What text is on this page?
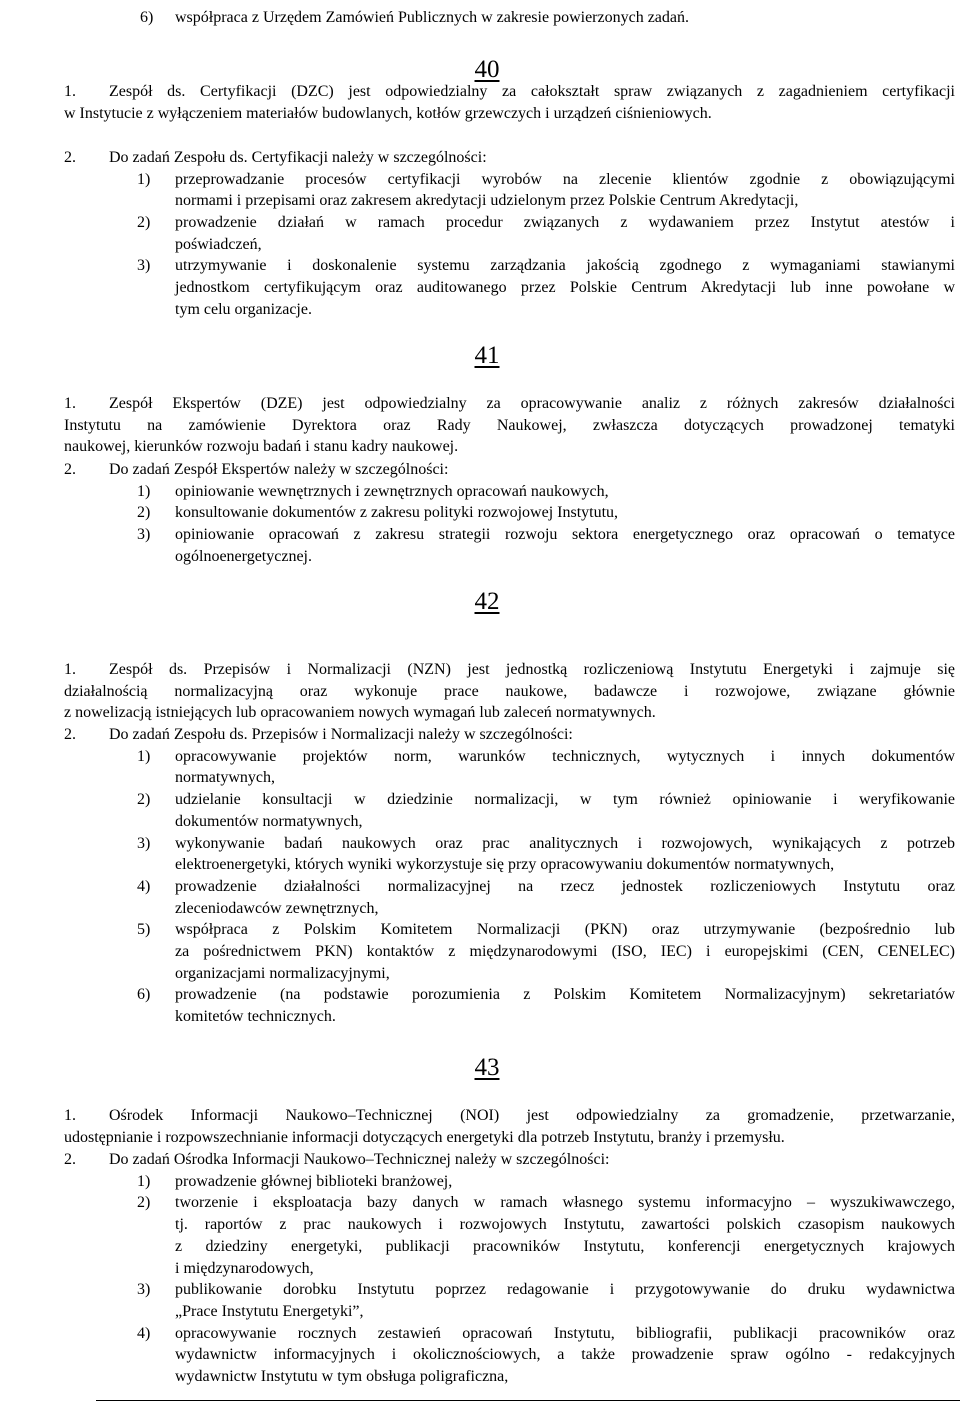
6) współpraca z Urzędem Zamówień Publicznych w zakresie powierzonych zadań.
40
1. Zespół ds. Certyfikacji (DZC) jest odpowiedzialny za całokształt spraw związanych z zagadnieniem certyfikacji
w Instytucie z wyłączeniem materiałów budowlanych, kotłów grzewczych i urządzeń ciśnieniowych.
2. Do zadań Zespołu ds. Certyfikacji należy w szczególności:
1) przeprowadzanie procesów certyfikacji wyrobów na zlecenie klientów zgodnie z obowiązującymi
normami i przepisami oraz zakresem akredytacji udzielonym przez Polskie Centrum Akredytacji,
2) prowadzenie działań w ramach procedur związanych z wydawaniem przez Instytut atestów i
poświadczeń,
3) utrzymywanie i doskonalenie systemu zarządzania jakością zgodnego z wymaganiami stawianymi
jednostkom certyfikującym oraz auditowanego przez Polskie Centrum Akredytacji lub inne powołane w
tym celu organizacje.
41
1. Zespół Ekspertów (DZE) jest odpowiedzialny za opracowywanie analiz z różnych zakresów działalności
Instytutu na zamówienie Dyrektora oraz Rady Naukowej, zwłaszcza dotyczących prowadzonej tematyki
naukowej, kierunków rozwoju badań i stanu kadry naukowej.
2. Do zadań Zespół Ekspertów należy w szczególności:
1) opiniowanie wewnętrznych i zewnętrznych opracowań naukowych,
2) konsultowanie dokumentów z zakresu polityki rozwojowej Instytutu,
3) opiniowanie opracowań z zakresu strategii rozwoju sektora energetycznego oraz opracowań o tematyce
ogólnoenergetycznej.
42
1. Zespół ds. Przepisów i Normalizacji (NZN) jest jednostką rozliczeniową Instytutu Energetyki i zajmuje się
działalnością normalizacyjną oraz wykonuje prace naukowe, badawcze i rozwojowe, związane głównie
z nowelizacją istniejących lub opracowaniem nowych wymagań lub zaleceń normatywnych.
2. Do zadań Zespołu ds. Przepisów i Normalizacji należy w szczególności:
1) opracowywanie projektów norm, warunków technicznych, wytycznych i innych dokumentów
normatywnych,
2) udzielanie konsultacji w dziedzinie normalizacji, w tym również opiniowanie i weryfikowanie
dokumentów normatywnych,
3) wykonywanie badań naukowych oraz prac analitycznych i rozwojowych, wynikających z potrzeb
elektroenergetyki, których wyniki wykorzystuje się przy opracowywaniu dokumentów normatywnych,
4) prowadzenie działalności normalizacyjnej na rzecz jednostek rozliczeniowych Instytutu oraz
zleceniodawców zewnętrznych,
5) współpraca z Polskim Komitetem Normalizacji (PKN) oraz utrzymywanie (bezpośrednio lub
za pośrednictwem PKN) kontaktów z międzynarodowymi (ISO, IEC) i europejskimi (CEN, CENELEC)
organizacjami normalizacyjnymi,
6) prowadzenie (na podstawie porozumienia z Polskim Komitetem Normalizacyjnym) sekretariatów
komitetów technicznych.
43
1. Ośrodek Informacji Naukowo–Technicznej (NOI) jest odpowiedzialny za gromadzenie, przetwarzanie,
udostępnianie i rozpowszechnianie informacji dotyczących energetyki dla potrzeb Instytutu, branży i przemysłu.
2. Do zadań Ośrodka Informacji Naukowo–Technicznej należy w szczególności:
1) prowadzenie głównej biblioteki branżowej,
2) tworzenie i eksploatacja bazy danych w ramach własnego systemu informacyjno – wyszukiwawczego,
tj. raportów z prac naukowych i rozwojowych Instytutu, zawartości polskich czasopism naukowych
z dziedziny energetyki, publikacji pracowników Instytutu, konferencji energetycznych krajowych
i międzynarodowych,
3) publikowanie dorobku Instytutu poprzez redagowanie i przygotowywanie do druku wydawnictwa
„Prace Instytutu Energetyki”,
4) opracowywanie rocznych zestawień opracowań Instytutu, bibliografii, publikacji pracowników oraz
wydawnictw informacyjnych i okolicznościowych, a także prowadzenie spraw ogólno - redakcyjnych
wydawnictw Instytutu w tym obsługa poligraficzna,
